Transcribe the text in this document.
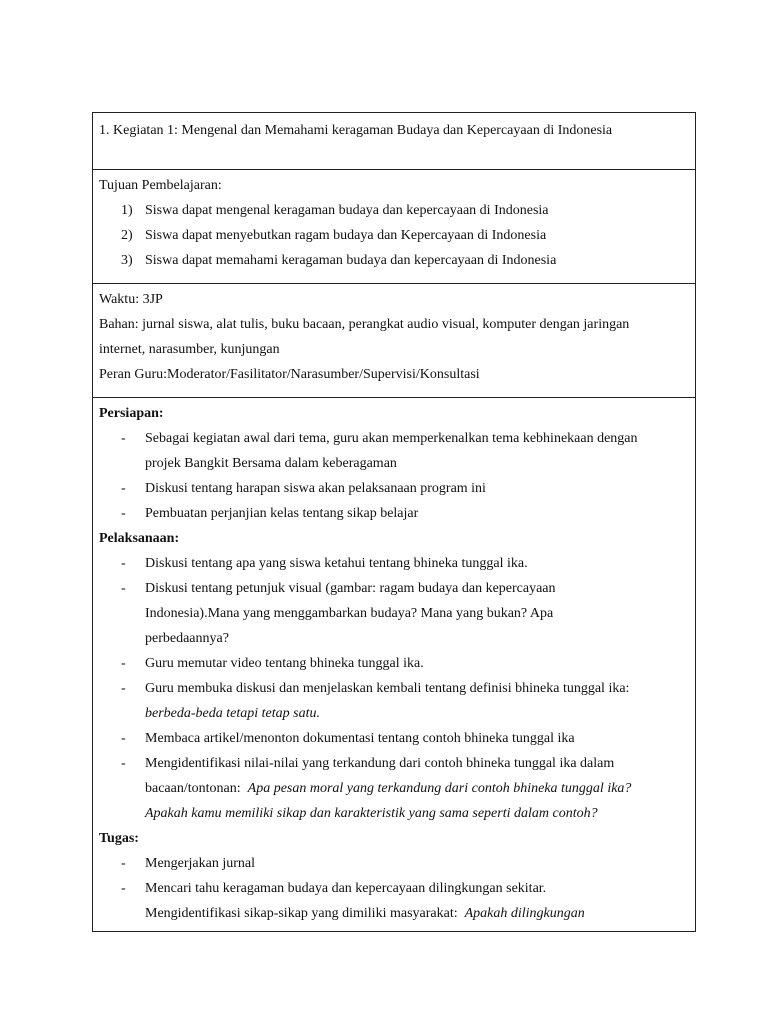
1. Kegiatan 1: Mengenal dan Memahami keragaman Budaya dan Kepercayaan di Indonesia
Tujuan Pembelajaran:
1) Siswa dapat mengenal keragaman budaya dan kepercayaan di Indonesia
2) Siswa dapat menyebutkan ragam budaya dan Kepercayaan di Indonesia
3) Siswa dapat memahami keragaman budaya dan kepercayaan di Indonesia
Waktu: 3JP
Bahan: jurnal siswa, alat tulis, buku bacaan, perangkat audio visual, komputer dengan jaringan
internet, narasumber, kunjungan
Peran Guru:Moderator/Fasilitator/Narasumber/Supervisi/Konsultasi
Persiapan:
-	Sebagai kegiatan awal dari tema, guru akan memperkenalkan tema kebhinekaan dengan
projek Bangkit Bersama dalam keberagaman
-	Diskusi tentang harapan siswa akan pelaksanaan program ini
-	Pembuatan perjanjian kelas tentang sikap belajar
Pelaksanaan:
-	Diskusi tentang apa yang siswa ketahui tentang bhineka tunggal ika.
-	Diskusi tentang petunjuk visual (gambar: ragam budaya dan kepercayaan
Indonesia).Mana yang menggambarkan budaya? Mana yang bukan? Apa
perbedaannya?
-	Guru memutar video tentang bhineka tunggal ika.
-	Guru membuka diskusi dan menjelaskan kembali tentang definisi bhineka tunggal ika:
berbeda-beda tetapi tetap satu.
-	Membaca artikel/menonton dokumentasi tentang contoh bhineka tunggal ika
-	Mengidentifikasi nilai-nilai yang terkandung dari contoh bhineka tunggal ika dalam
bacaan/tontonan:  Apa pesan moral yang terkandung dari contoh bhineka tunggal ika?
Apakah kamu memiliki sikap dan karakteristik yang sama seperti dalam contoh?
Tugas:
-	Mengerjakan jurnal
-	Mencari tahu keragaman budaya dan kepercayaan dilingkungan sekitar.
Mengidentifikasi sikap-sikap yang dimiliki masyarakat:  Apakah dilingkungan
